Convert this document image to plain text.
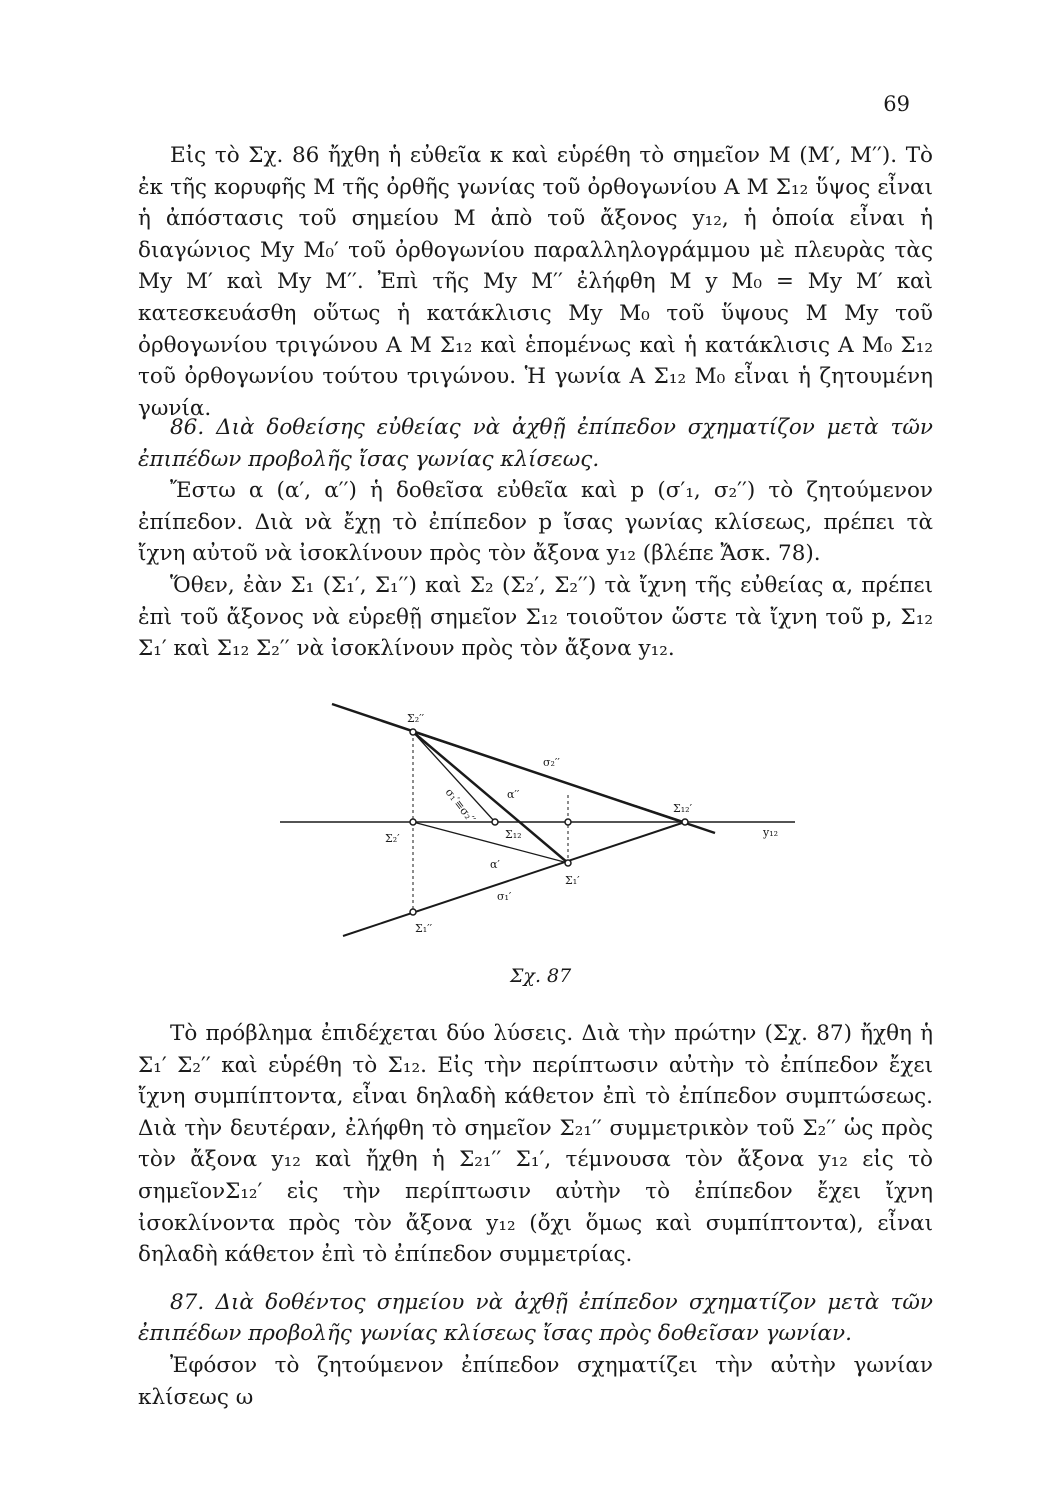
69

Εἰς τὸ Σχ. 86 ἤχθη ἡ εὐθεῖα κ καὶ εὑρέθη τὸ σημεῖον Μ (Μ′, Μ′′). Τὸ ἐκ τῆς κορυφῆς Μ τῆς ὀρθῆς γωνίας τοῦ ὀρθογωνίου Α Μ Σ₁₂ ὕψος εἶναι ἡ ἀπόστασις τοῦ σημείου Μ ἀπὸ τοῦ ἄξονος y₁₂, ἡ ὁποία εἶναι ἡ διαγώνιος My M₀′ τοῦ ὀρθογωνίου παραλληλογράμμου μὲ πλευρὰς τὰς My M′ καὶ My M′′. Ἐπὶ τῆς My M′′ ἐλήφθη M y M₀ = My M′ καὶ κατεσκευάσθη οὕτως ἡ κατάκλισις My M₀ τοῦ ὕψους M My τοῦ ὀρθογωνίου τριγώνου Α Μ Σ₁₂ καὶ ἑπομένως καὶ ἡ κατάκλισις Α Μ₀ Σ₁₂ τοῦ ὀρθογωνίου τούτου τριγώνου. Ἡ γωνία Α Σ₁₂ Μ₀ εἶναι ἡ ζητουμένη γωνία.

86. Διὰ δοθείσης εὐθείας νὰ ἀχθῇ ἐπίπεδον σχηματίζον μετὰ τῶν ἐπιπέδων προβολῆς ἴσας γωνίας κλίσεως.

Ἔστω α (α′, α′′) ἡ δοθεῖσα εὐθεῖα καὶ p (σ′₁, σ₂′′) τὸ ζητούμενον ἐπίπεδον. Διὰ νὰ ἔχῃ τὸ ἐπίπεδον p ἴσας γωνίας κλίσεως, πρέπει τὰ ἴχνη αὐτοῦ νὰ ἰσοκλίνουν πρὸς τὸν ἄξονα y₁₂ (βλέπε Ἄσκ. 78).

Ὅθεν, ἐὰν Σ₁ (Σ₁′, Σ₁′′) καὶ Σ₂ (Σ₂′, Σ₂′′) τὰ ἴχνη τῆς εὐθείας α, πρέπει ἐπὶ τοῦ ἄξονος νὰ εὑρεθῇ σημεῖον Σ₁₂ τοιοῦτον ὥστε τὰ ἴχνη τοῦ p, Σ₁₂ Σ₁′ καὶ Σ₁₂ Σ₂′′ νὰ ἰσοκλίνουν πρὸς τὸν ἄξονα y₁₂.

Σ₂′′
σ₁′≡σ₂′′	α′′
σ₂′′
Σ₁₂′
y₁₂
Σ₂′	Σ₁₂
α′
Σ₁′
σ₁′
Σ₁′′
Σχ. 87

Τὸ πρόβλημα ἐπιδέχεται δύο λύσεις. Διὰ τὴν πρώτην (Σχ. 87) ἤχθη ἡ Σ₁′ Σ₂′′ καὶ εὑρέθη τὸ Σ₁₂. Εἰς τὴν περίπτωσιν αὐτὴν τὸ ἐπίπεδον ἔχει ἴχνη συμπίπτοντα, εἶναι δηλαδὴ κάθετον ἐπὶ τὸ ἐπίπεδον συμπτώσεως. Διὰ τὴν δευτέραν, ἐλήφθη τὸ σημεῖον Σ₂₁′′ συμμετρικὸν τοῦ Σ₂′′ ὡς πρὸς τὸν ἄξονα y₁₂ καὶ ἤχθη ἡ Σ₂₁′′ Σ₁′, τέμνουσα τὸν ἄξονα y₁₂ εἰς τὸ σημεῖονΣ₁₂′ εἰς τὴν περίπτωσιν αὐτὴν τὸ ἐπίπεδον ἔχει ἴχνη ἰσοκλίνοντα πρὸς τὸν ἄξονα y₁₂ (ὄχι ὅμως καὶ συμπίπτοντα), εἶναι δηλαδὴ κάθετον ἐπὶ τὸ ἐπίπεδον συμμετρίας.

87. Διὰ δοθέντος σημείου νὰ ἀχθῇ ἐπίπεδον σχηματίζον μετὰ τῶν ἐπιπέδων προβολῆς γωνίας κλίσεως ἴσας πρὸς δοθεῖσαν γωνίαν.

Ἐφόσον τὸ ζητούμενον ἐπίπεδον σχηματίζει τὴν αὐτὴν γωνίαν κλίσεως ω
